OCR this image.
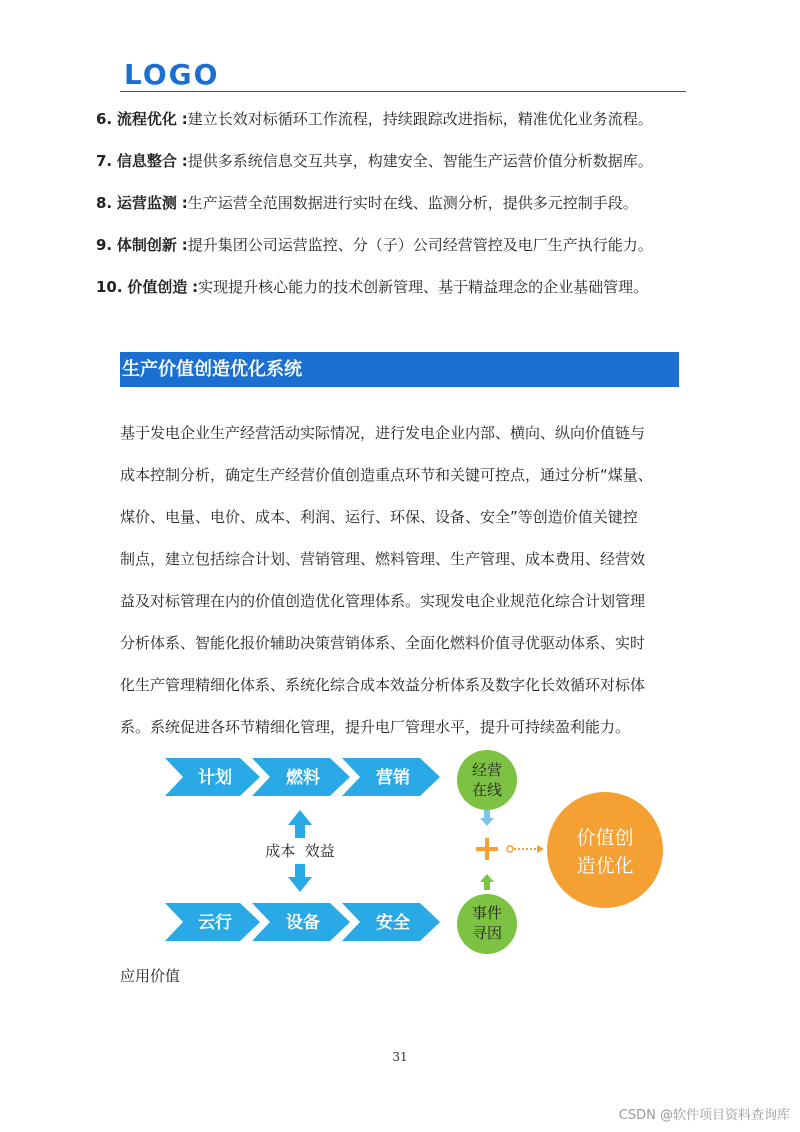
LOGO
6. 流程优化 :建立长效对标循环工作流程，持续跟踪改进指标，精准优化业务流程。
7. 信息整合 :提供多系统信息交互共享，构建安全、智能生产运营价值分析数据库。
8. 运营监测 :生产运营全范围数据进行实时在线、监测分析，提供多元控制手段。
9. 体制创新 :提升集团公司运营监控、分（子）公司经营管控及电厂生产执行能力。
10. 价值创造 :实现提升核心能力的技术创新管理、基于精益理念的企业基础管理。
生产价值创造优化系统
基于发电企业生产经营活动实际情况，进行发电企业内部、横向、纵向价值链与
成本控制分析，确定生产经营价值创造重点环节和关键可控点，通过分析“煤量、
煤价、电量、电价、成本、利润、运行、环保、设备、安全”等创造价值关键控
制点，建立包括综合计划、营销管理、燃料管理、生产管理、成本费用、经营效
益及对标管理在内的价值创造优化管理体系。实现发电企业规范化综合计划管理
分析体系、智能化报价辅助决策营销体系、全面化燃料价值寻优驱动体系、实时
化生产管理精细化体系、系统化综合成本效益分析体系及数字化长效循环对标体
系。系统促进各环节精细化管理，提升电厂管理水平，提升可持续盈利能力。
计划	燃料	营销
云行	设备	安全
成本  效益
经营
在线
事件
寻因
价值创
造优化
应用价值
31
CSDN @软件项目资料查询库
